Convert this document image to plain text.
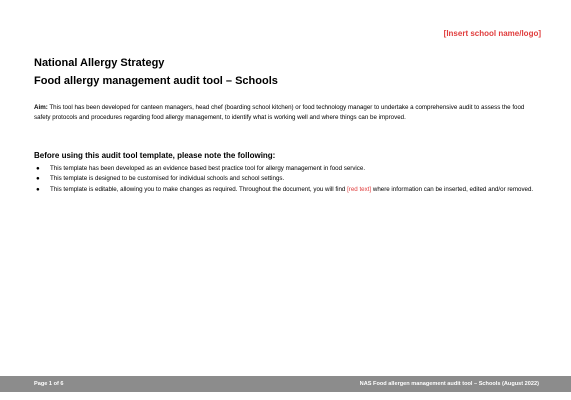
[Insert school name/logo]
National Allergy Strategy
Food allergy management audit tool – Schools
Aim: This tool has been developed for canteen managers, head chef (boarding school kitchen) or food technology manager to undertake a comprehensive audit to assess the food safety protocols and procedures regarding food allergy management, to identify what is working well and where things can be improved.
Before using this audit tool template, please note the following:
● This template has been developed as an evidence based best practice tool for allergy management in food service.
● This template is designed to be customised for individual schools and school settings.
● This template is editable, allowing you to make changes as required. Throughout the document, you will find [red text] where information can be inserted, edited and/or removed.
Page 1 of 6	NAS Food allergen management audit tool – Schools (August 2022)
